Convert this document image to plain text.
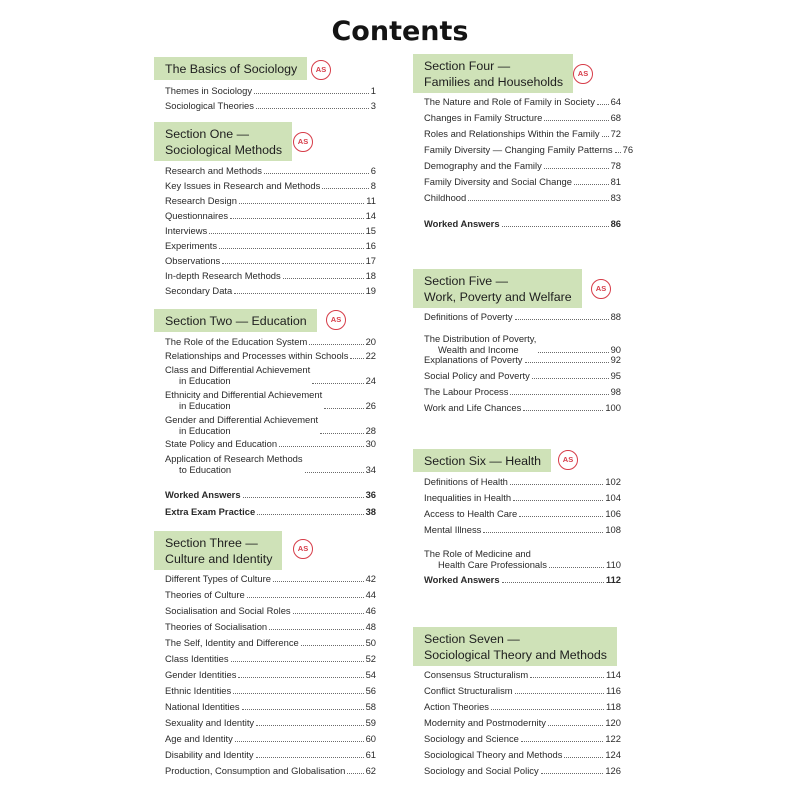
Contents
The Basics of Sociology	AS
Themes in Sociology	1
Sociological Theories	3
Section One —
Sociological Methods
AS
Research and Methods	6
Key Issues in Research and Methods	8
Research Design	11
Questionnaires	14
Interviews	15
Experiments	16
Observations	17
In-depth Research Methods	18
Secondary Data	19
Section Two — Education	AS
The Role of the Education System	20
Relationships and Processes within Schools 22
Class and Differential Achievement
in Education	24
Ethnicity and Differential Achievement
in Education	26
Gender and Differential Achievement
in Education	28
State Policy and Education	30
Application of Research Methods
to Education	34
Worked Answers	36
Extra Exam Practice	38
Section Three —
Culture and Identity
AS
Different Types of Culture	42
Theories of Culture	44
Socialisation and Social Roles	46
Theories of Socialisation	48
The Self, Identity and Difference	50
Class Identities	52
Gender Identities	54
Ethnic Identities	56
National Identities	58
Sexuality and Identity	59
Age and Identity	60
Disability and Identity	61
Production, Consumption and Globalisation 62
Section Four —
Families and Households
AS
The Nature and Role of Family in Society 64
Changes in Family Structure	68
Roles and Relationships Within the Family 72
Family Diversity — Changing Family Patterns 76
Demography and the Family	78
Family Diversity and Social Change	81
Childhood	83
Worked Answers	86
Section Five —
Work, Poverty and Welfare
AS
Definitions of Poverty	88
The Distribution of Poverty,
Wealth and Income	90
Explanations of Poverty	92
Social Policy and Poverty	95
The Labour Process	98
Work and Life Chances	100
Section Six — Health	AS
Definitions of Health	102
Inequalities in Health	104
Access to Health Care	106
Mental Illness	108
The Role of Medicine and
Health Care Professionals	110
Worked Answers	112
Section Seven —
Sociological Theory and Methods
Consensus Structuralism	114
Conflict Structuralism	116
Action Theories	118
Modernity and Postmodernity	120
Sociology and Science	122
Sociological Theory and Methods	124
Sociology and Social Policy	126
